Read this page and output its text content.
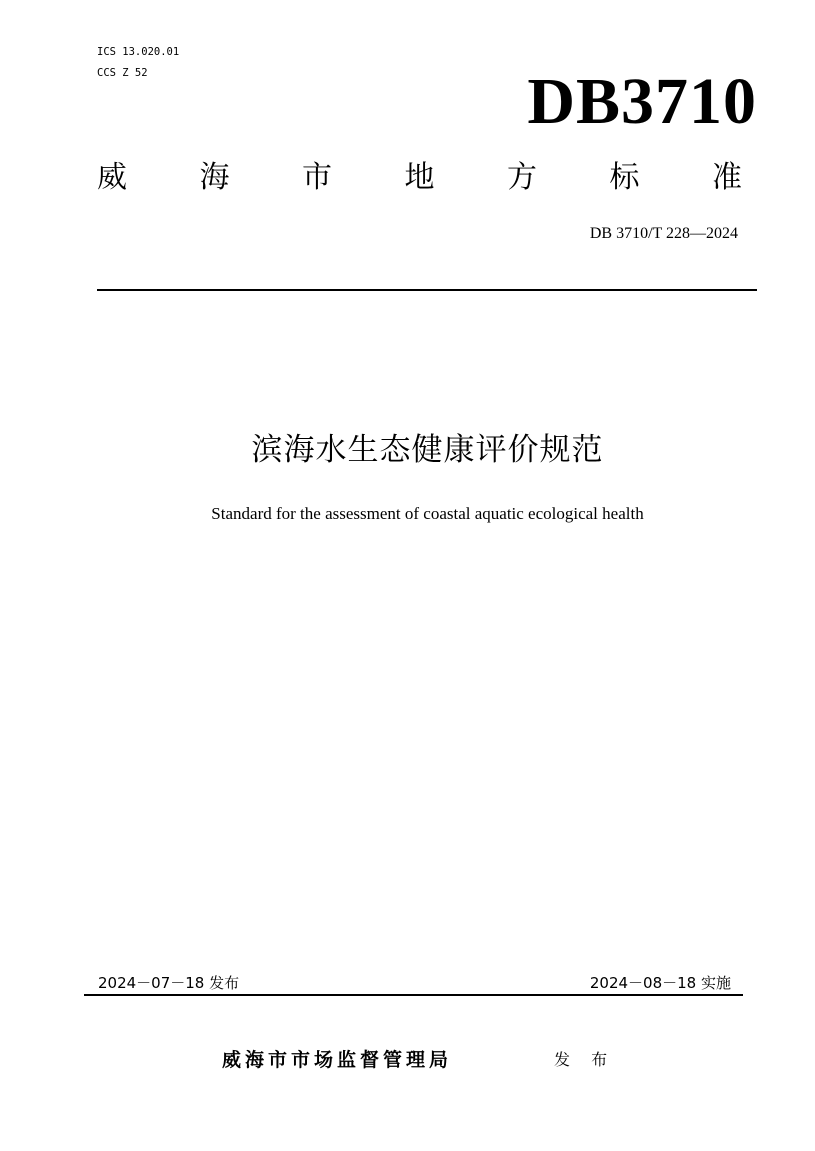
ICS 13.020.01
CCS Z 52	DB3710
威 海 市 地 方 标 准
DB 3710/T 228—2024
滨海水生态健康评价规范
Standard for the assessment of coastal aquatic ecological health
2024－07－18 发布	2024－08－18 实施
威海市市场监督管理局	发 布
